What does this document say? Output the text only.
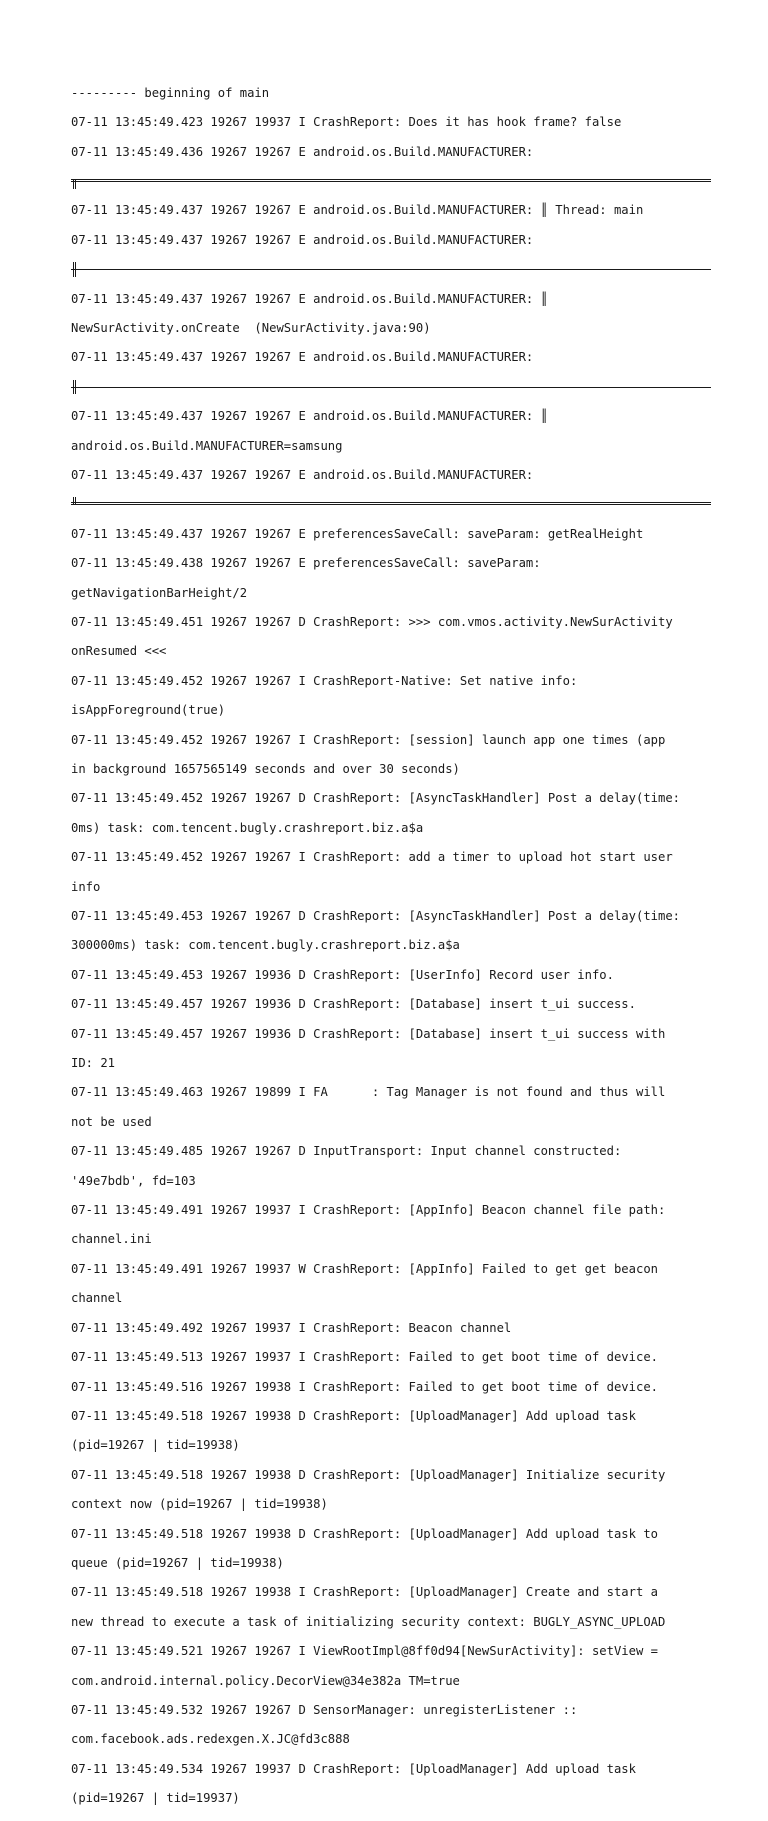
--------- beginning of main

07-11 13:45:49.423 19267 19937 I CrashReport: Does it has hook frame? false

07-11 13:45:49.436 19267 19267 E android.os.Build.MANUFACTURER:

07-11 13:45:49.437 19267 19267 E android.os.Build.MANUFACTURER: ║ Thread: main

07-11 13:45:49.437 19267 19267 E android.os.Build.MANUFACTURER:

07-11 13:45:49.437 19267 19267 E android.os.Build.MANUFACTURER: ║

NewSurActivity.onCreate  (NewSurActivity.java:90)

07-11 13:45:49.437 19267 19267 E android.os.Build.MANUFACTURER:

07-11 13:45:49.437 19267 19267 E android.os.Build.MANUFACTURER: ║

android.os.Build.MANUFACTURER=samsung

07-11 13:45:49.437 19267 19267 E android.os.Build.MANUFACTURER:

07-11 13:45:49.437 19267 19267 E preferencesSaveCall: saveParam: getRealHeight

07-11 13:45:49.438 19267 19267 E preferencesSaveCall: saveParam:

getNavigationBarHeight/2

07-11 13:45:49.451 19267 19267 D CrashReport: >>> com.vmos.activity.NewSurActivity

onResumed <<<

07-11 13:45:49.452 19267 19267 I CrashReport-Native: Set native info:

isAppForeground(true)

07-11 13:45:49.452 19267 19267 I CrashReport: [session] launch app one times (app

in background 1657565149 seconds and over 30 seconds)

07-11 13:45:49.452 19267 19267 D CrashReport: [AsyncTaskHandler] Post a delay(time:

0ms) task: com.tencent.bugly.crashreport.biz.a$a

07-11 13:45:49.452 19267 19267 I CrashReport: add a timer to upload hot start user

info

07-11 13:45:49.453 19267 19267 D CrashReport: [AsyncTaskHandler] Post a delay(time:

300000ms) task: com.tencent.bugly.crashreport.biz.a$a

07-11 13:45:49.453 19267 19936 D CrashReport: [UserInfo] Record user info.

07-11 13:45:49.457 19267 19936 D CrashReport: [Database] insert t_ui success.

07-11 13:45:49.457 19267 19936 D CrashReport: [Database] insert t_ui success with

ID: 21

07-11 13:45:49.463 19267 19899 I FA      : Tag Manager is not found and thus will

not be used

07-11 13:45:49.485 19267 19267 D InputTransport: Input channel constructed:

'49e7bdb', fd=103

07-11 13:45:49.491 19267 19937 I CrashReport: [AppInfo] Beacon channel file path:

channel.ini

07-11 13:45:49.491 19267 19937 W CrashReport: [AppInfo] Failed to get get beacon

channel

07-11 13:45:49.492 19267 19937 I CrashReport: Beacon channel

07-11 13:45:49.513 19267 19937 I CrashReport: Failed to get boot time of device.

07-11 13:45:49.516 19267 19938 I CrashReport: Failed to get boot time of device.

07-11 13:45:49.518 19267 19938 D CrashReport: [UploadManager] Add upload task

(pid=19267 | tid=19938)

07-11 13:45:49.518 19267 19938 D CrashReport: [UploadManager] Initialize security

context now (pid=19267 | tid=19938)

07-11 13:45:49.518 19267 19938 D CrashReport: [UploadManager] Add upload task to

queue (pid=19267 | tid=19938)

07-11 13:45:49.518 19267 19938 I CrashReport: [UploadManager] Create and start a

new thread to execute a task of initializing security context: BUGLY_ASYNC_UPLOAD

07-11 13:45:49.521 19267 19267 I ViewRootImpl@8ff0d94[NewSurActivity]: setView =

com.android.internal.policy.DecorView@34e382a TM=true

07-11 13:45:49.532 19267 19267 D SensorManager: unregisterListener ::

com.facebook.ads.redexgen.X.JC@fd3c888

07-11 13:45:49.534 19267 19937 D CrashReport: [UploadManager] Add upload task

(pid=19267 | tid=19937)
